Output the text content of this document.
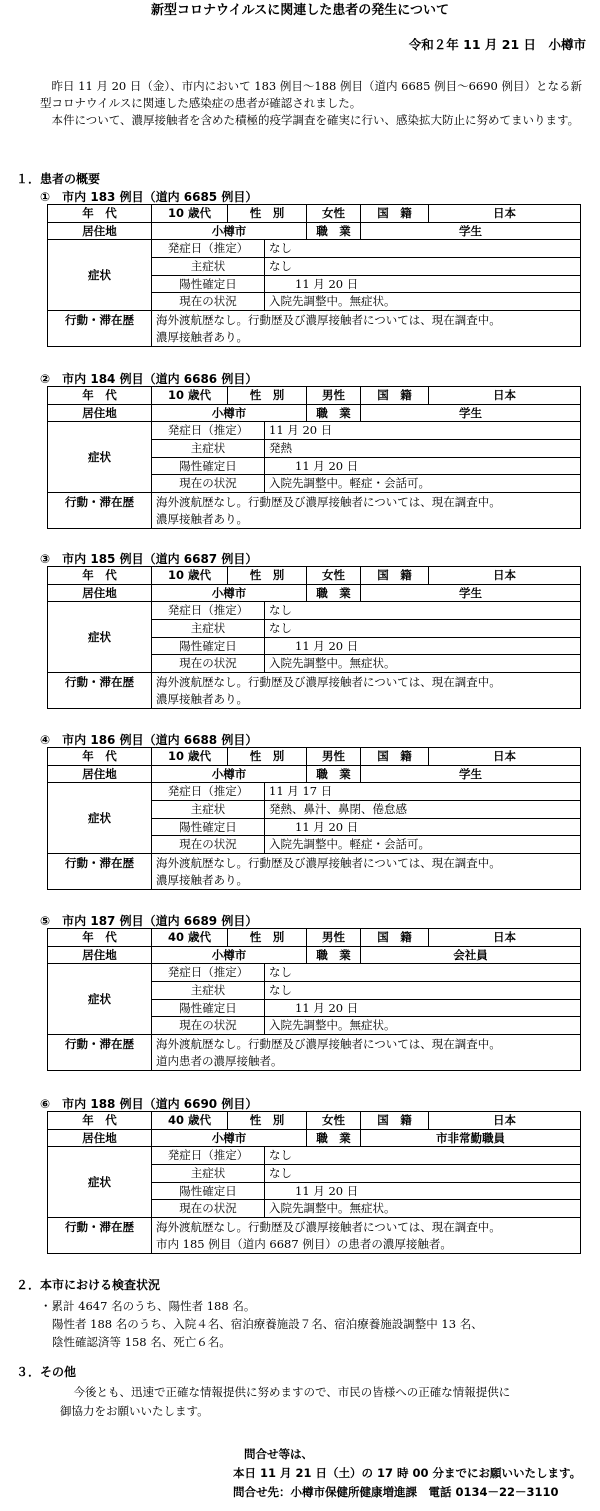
新型コロナウイルスに関連した患者の発生について
令和２年 11 月 21 日　小樽市

昨日 11 月 20 日（金）、市内において 183 例目～188 例目（道内 6685 例目～6690 例目）となる新型コロナウイルスに関連した感染症の患者が確認されました。

本件について、濃厚接触者を含めた積極的疫学調査を確実に行い、感染拡大防止に努めてまいります。

１．患者の概要
①　市内 183 例目（道内 6685 例目）
年　代	10 歳代	性　別		女性	国　籍	日本
居住地	小樽市			職　業	学生	
症状	発症日（推定）		なし			
	主症状		なし			
	陽性確定日		11 月 20 日			
	現在の状況		入院先調整中。無症状。			
行動・滞在歴	海外渡航歴なし。行動歴及び濃厚接触者については、現在調査中。
濃厚接触者あり。					
②　市内 184 例目（道内 6686 例目）
年　代	10 歳代	性　別		男性	国　籍	日本
居住地	小樽市			職　業	学生	
症状	発症日（推定）		11 月 20 日			
	主症状		発熱			
	陽性確定日		11 月 20 日			
	現在の状況		入院先調整中。軽症・会話可。			
行動・滞在歴	海外渡航歴なし。行動歴及び濃厚接触者については、現在調査中。
濃厚接触者あり。					
③　市内 185 例目（道内 6687 例目）
年　代	10 歳代	性　別		女性	国　籍	日本
居住地	小樽市			職　業	学生	
症状	発症日（推定）		なし			
	主症状		なし			
	陽性確定日		11 月 20 日			
	現在の状況		入院先調整中。無症状。			
行動・滞在歴	海外渡航歴なし。行動歴及び濃厚接触者については、現在調査中。
濃厚接触者あり。					
④　市内 186 例目（道内 6688 例目）
年　代	10 歳代	性　別		男性	国　籍	日本
居住地	小樽市			職　業	学生	
症状	発症日（推定）		11 月 17 日			
	主症状		発熱、鼻汁、鼻閉、倦怠感			
	陽性確定日		11 月 20 日			
	現在の状況		入院先調整中。軽症・会話可。			
行動・滞在歴	海外渡航歴なし。行動歴及び濃厚接触者については、現在調査中。
濃厚接触者あり。					
⑤　市内 187 例目（道内 6689 例目）
年　代	40 歳代	性　別		男性	国　籍	日本
居住地	小樽市			職　業	会社員	
症状	発症日（推定）		なし			
	主症状		なし			
	陽性確定日		11 月 20 日			
	現在の状況		入院先調整中。無症状。			
行動・滞在歴	海外渡航歴なし。行動歴及び濃厚接触者については、現在調査中。
道内患者の濃厚接触者。					
⑥　市内 188 例目（道内 6690 例目）
年　代	40 歳代	性　別		女性	国　籍	日本
居住地	小樽市			職　業	市非常勤職員	
症状	発症日（推定）		なし			
	主症状		なし			
	陽性確定日		11 月 20 日			
	現在の状況		入院先調整中。無症状。			
行動・滞在歴	海外渡航歴なし。行動歴及び濃厚接触者については、現在調査中。
市内 185 例目（道内 6687 例目）の患者の濃厚接触者。					
２．本市における検査状況
・累計 4647 名のうち、陽性者 188 名。
陽性者 188 名のうち、入院４名、宿泊療養施設７名、宿泊療養施設調整中 13 名、
陰性確認済等 158 名、死亡６名。
３．その他

今後とも、迅速で正確な情報提供に努めますので、市民の皆様への正確な情報提供に

御協力をお願いいたします。

問合せ等は、
本日 11 月 21 日（土）の 17 時 00 分までにお願いいたします。
問合せ先：小樽市保健所健康増進課　電話 0134－22－3110
